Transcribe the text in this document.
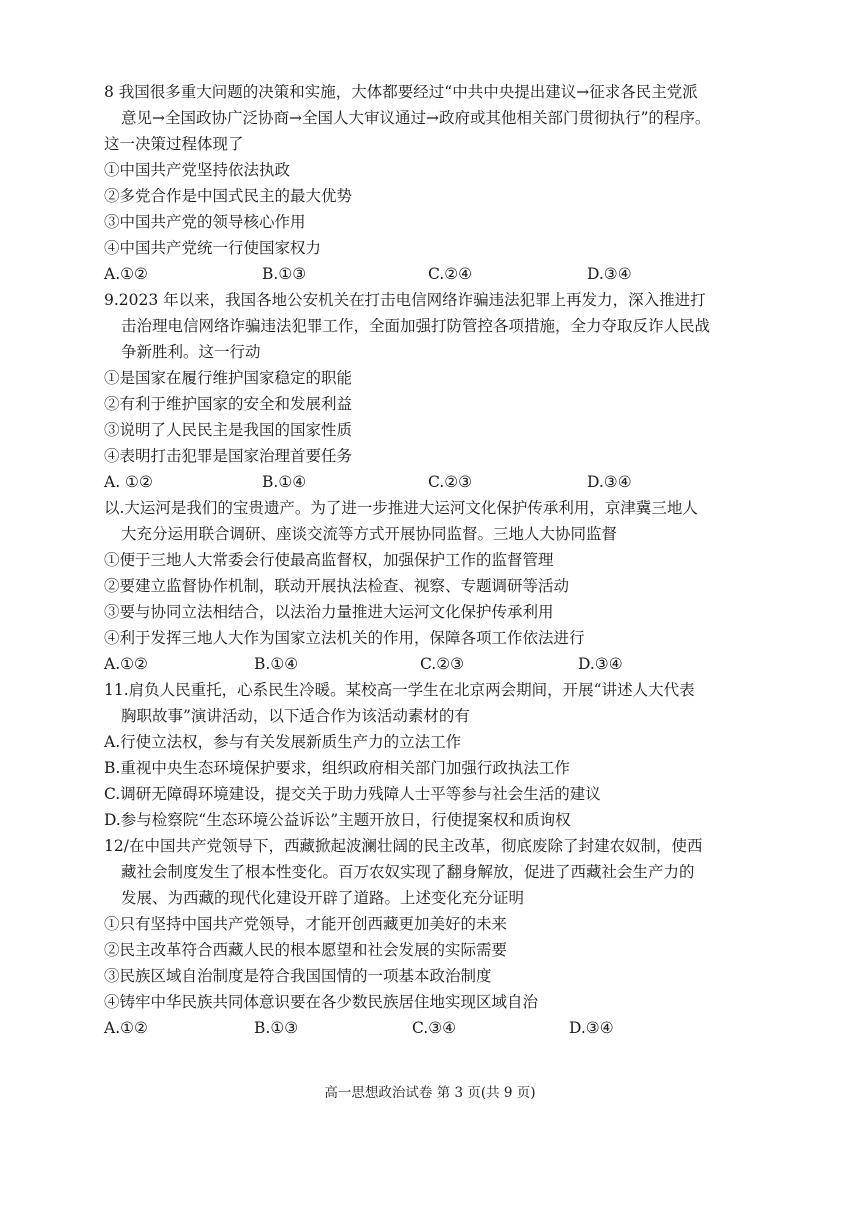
8 我国很多重大问题的决策和实施，大体都要经过“中共中央提出建议→征求各民主党派
意见→全国政协广泛协商→全国人大审议通过→政府或其他相关部门贯彻执行”的程序。
这一决策过程体现了
①中国共产党坚持依法执政
②多党合作是中国式民主的最大优势
③中国共产党的领导核心作用
④中国共产党统一行使国家权力
A.①②	B.①③	C.②④	D.③④
9.2023 年以来，我国各地公安机关在打击电信网络诈骗违法犯罪上再发力，深入推进打
击治理电信网络诈骗违法犯罪工作，全面加强打防管控各项措施，全力夺取反诈人民战
争新胜利。这一行动
①是国家在履行维护国家稳定的职能
②有利于维护国家的安全和发展利益
③说明了人民民主是我国的国家性质
④表明打击犯罪是国家治理首要任务
A. ①②	B.①④	C.②③	D.③④
以.大运河是我们的宝贵遗产。为了进一步推进大运河文化保护传承利用，京津冀三地人
大充分运用联合调研、座谈交流等方式开展协同监督。三地人大协同监督
①便于三地人大常委会行使最高监督权，加强保护工作的监督管理
②要建立监督协作机制，联动开展执法检查、视察、专题调研等活动
③要与协同立法相结合，以法治力量推进大运河文化保护传承利用
④利于发挥三地人大作为国家立法机关的作用，保障各项工作依法进行
A.①②	B.①④	C.②③	D.③④
11.肩负人民重托，心系民生冷暖。某校高一学生在北京两会期间，开展“讲述人大代表
胸职故事”演讲活动，以下适合作为该活动素材的有
A.行使立法权，参与有关发展新质生产力的立法工作
B.重视中央生态环境保护要求，组织政府相关部门加强行政执法工作
C.调研无障碍环境建设，提交关于助力残障人士平等参与社会生活的建议
D.参与检察院“生态环境公益诉讼”主题开放日，行使提案权和质询权
12/在中国共产党领导下，西藏掀起波澜壮阔的民主改革，彻底废除了封建农奴制，使西
藏社会制度发生了根本性变化。百万农奴实现了翻身解放，促进了西藏社会生产力的
发展、为西藏的现代化建设开辟了道路。上述变化充分证明
①只有坚持中国共产党领导，才能开创西藏更加美好的未来
②民主改革符合西藏人民的根本愿望和社会发展的实际需要
③民族区域自治制度是符合我国国情的一项基本政治制度
④铸牢中华民族共同体意识要在各少数民族居住地实现区域自治
A.①②	B.①③	C.③④	D.③④
高一思想政治试卷 第 3 页(共 9 页)
